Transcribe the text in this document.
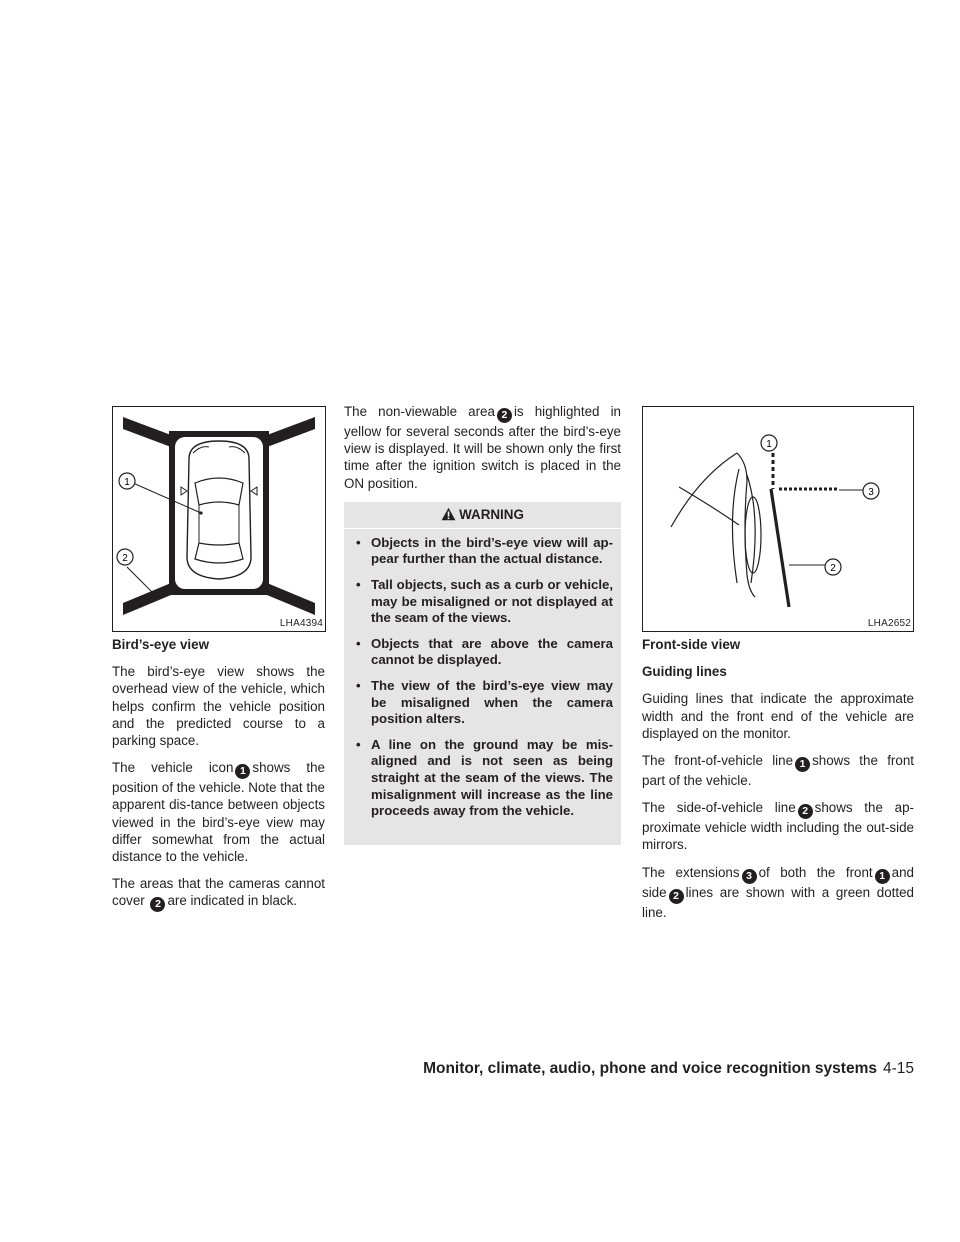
1
2
LHA4394
1
3
2
LHA2652
Bird’s-eye view

The bird’s-eye view shows the overhead view of the vehicle, which helps confirm the vehicle position and the predicted course to a parking space.

The vehicle icon 1 shows the position of the vehicle. Note that the apparent dis-tance between objects viewed in the bird’s-eye view may differ somewhat from the actual distance to the vehicle.

The areas that the cameras cannot cover 2 are indicated in black.

The non-viewable area 2 is highlighted in yellow for several seconds after the bird’s-eye view is displayed. It will be shown only the first time after the ignition switch is placed in the ON position.

WARNING
• Objects in the bird’s-eye view will ap-pear further than the actual distance.
• Tall objects, such as a curb or vehicle, may be misaligned or not displayed at the seam of the views.
• Objects that are above the camera cannot be displayed.
• The view of the bird’s-eye view may be misaligned when the camera position alters.
• A line on the ground may be mis-aligned and is not seen as being straight at the seam of the views. The misalignment will increase as the line proceeds away from the vehicle.
Front-side view
Guiding lines

Guiding lines that indicate the approximate width and the front end of the vehicle are displayed on the monitor.

The front-of-vehicle line 1 shows the front part of the vehicle.

The side-of-vehicle line 2 shows the ap-proximate vehicle width including the out-side mirrors.

The extensions 3 of both the front 1 and side 2 lines are shown with a green dotted line.

Monitor, climate, audio, phone and voice recognition systems 4-15
